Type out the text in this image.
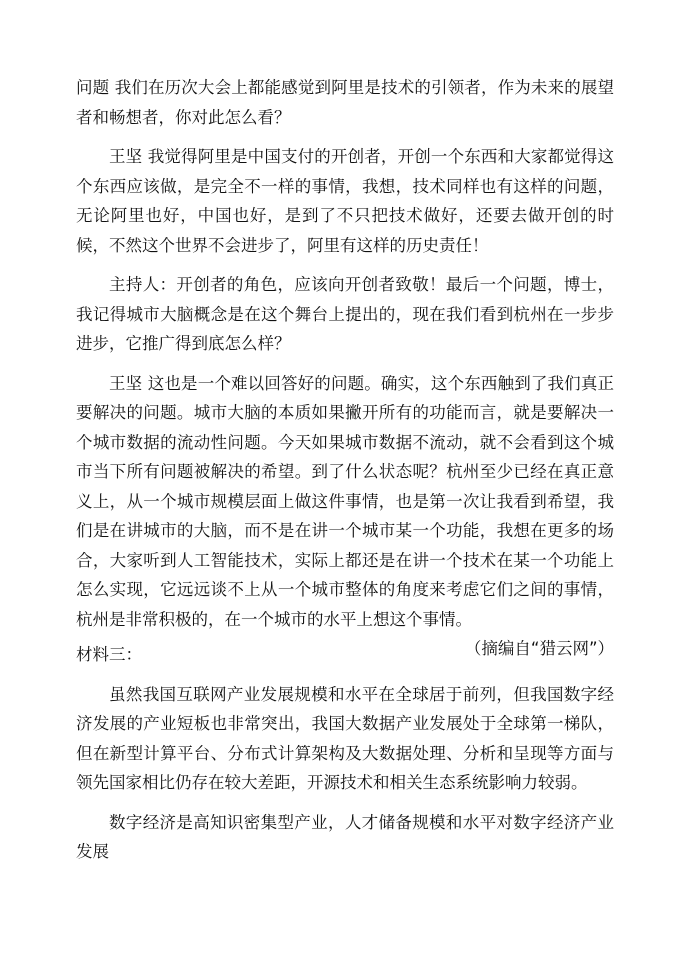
问题 我们在历次大会上都能感觉到阿里是技术的引领者，作为未来的展望者和畅想者，你对此怎么看？

王坚 我觉得阿里是中国支付的开创者，开创一个东西和大家都觉得这个东西应该做，是完全不一样的事情，我想，技术同样也有这样的问题，无论阿里也好，中国也好，是到了不只把技术做好，还要去做开创的时候，不然这个世界不会进步了，阿里有这样的历史责任！

主持人：开创者的角色，应该向开创者致敬！最后一个问题，博士，我记得城市大脑概念是在这个舞台上提出的，现在我们看到杭州在一步步进步，它推广得到底怎么样？

王坚 这也是一个难以回答好的问题。确实，这个东西触到了我们真正要解决的问题。城市大脑的本质如果撇开所有的功能而言，就是要解决一个城市数据的流动性问题。今天如果城市数据不流动，就不会看到这个城市当下所有问题被解决的希望。到了什么状态呢？杭州至少已经在真正意义上，从一个城市规模层面上做这件事情，也是第一次让我看到希望，我们是在讲城市的大脑，而不是在讲一个城市某一个功能，我想在更多的场合，大家听到人工智能技术，实际上都还是在讲一个技术在某一个功能上怎么实现，它远远谈不上从一个城市整体的角度来考虑它们之间的事情，杭州是非常积极的，在一个城市的水平上想这个事情。
（摘编自“猎云网”）

材料三：

虽然我国互联网产业发展规模和水平在全球居于前列，但我国数字经济发展的产业短板也非常突出，我国大数据产业发展处于全球第一梯队，但在新型计算平台、分布式计算架构及大数据处理、分析和呈现等方面与领先国家相比仍存在较大差距，开源技术和相关生态系统影响力较弱。

数字经济是高知识密集型产业，人才储备规模和水平对数字经济产业发展
